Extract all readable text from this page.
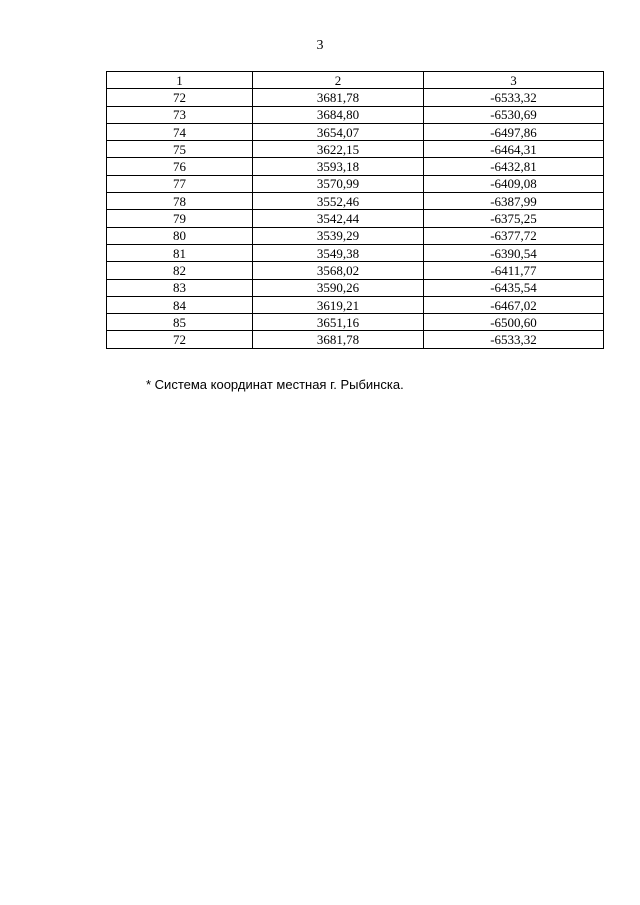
3
1	2	3
72	3681,78	-6533,32
73	3684,80	-6530,69
74	3654,07	-6497,86
75	3622,15	-6464,31
76	3593,18	-6432,81
77	3570,99	-6409,08
78	3552,46	-6387,99
79	3542,44	-6375,25
80	3539,29	-6377,72
81	3549,38	-6390,54
82	3568,02	-6411,77
83	3590,26	-6435,54
84	3619,21	-6467,02
85	3651,16	-6500,60
72	3681,78	-6533,32
* Система координат местная г. Рыбинска.
